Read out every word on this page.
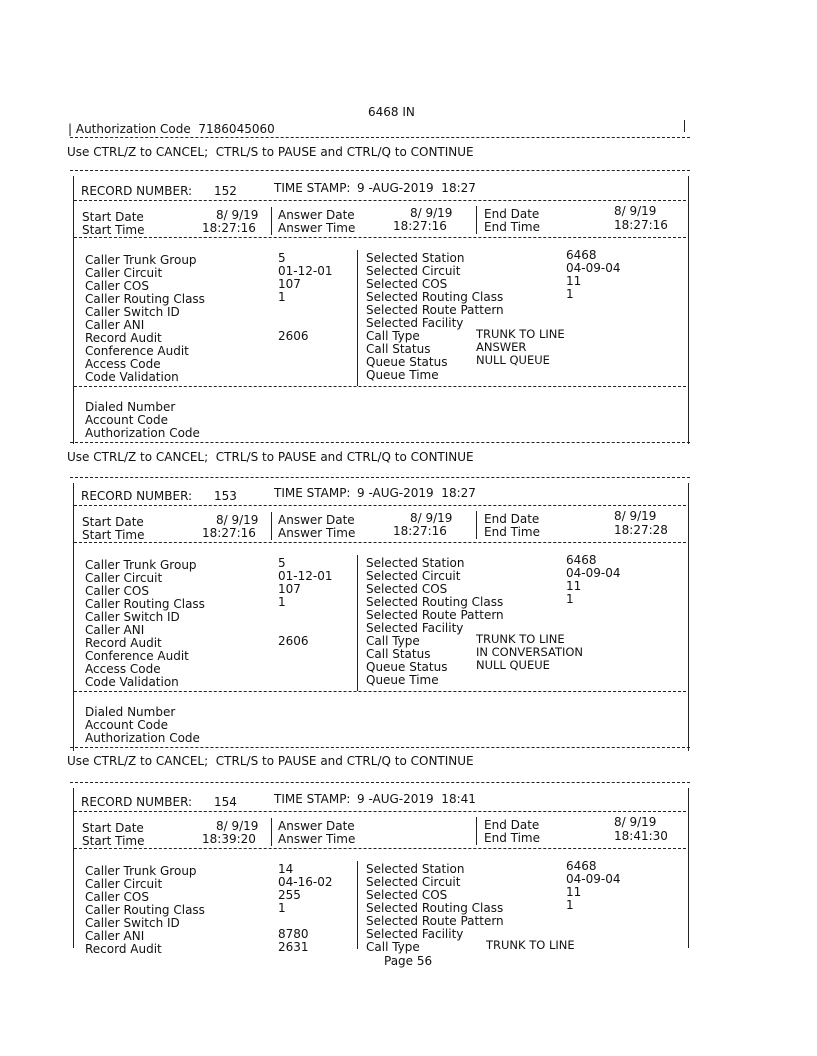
6468 IN
| Authorization Code  7186045060
Use CTRL/Z to CANCEL;  CTRL/S to PAUSE and CTRL/Q to CONTINUE
RECORD NUMBER: 152	TIME STAMP: 9 -AUG-2019  18:27
Start Date	8/ 9/19
Start Time	18:27:16
Answer Date	8/ 9/19
Answer Time	18:27:16
End Date	8/ 9/19
End Time	18:27:16
Caller Trunk Group	5
Caller Circuit	01-12-01
Caller COS	107
Caller Routing Class	1
Caller Switch ID
Caller ANI
Record Audit	2606
Conference Audit
Access Code
Code Validation
Selected Station	6468
Selected Circuit	04-09-04
Selected COS	11
Selected Routing Class	1
Selected Route Pattern
Selected Facility
Call Type	TRUNK TO LINE
Call Status	ANSWER
Queue Status NULL QUEUE
Queue Time
Dialed Number
Account Code
Authorization Code
Use CTRL/Z to CANCEL;  CTRL/S to PAUSE and CTRL/Q to CONTINUE
RECORD NUMBER: 153	TIME STAMP: 9 -AUG-2019  18:27
Start Date	8/ 9/19
Start Time	18:27:16
Answer Date	8/ 9/19
Answer Time	18:27:16
End Date	8/ 9/19
End Time	18:27:28
Caller Trunk Group	5
Caller Circuit	01-12-01
Caller COS	107
Caller Routing Class	1
Caller Switch ID
Caller ANI
Record Audit	2606
Conference Audit
Access Code
Code Validation
Selected Station	6468
Selected Circuit	04-09-04
Selected COS	11
Selected Routing Class	1
Selected Route Pattern
Selected Facility
Call Type	TRUNK TO LINE
Call Status	IN CONVERSATION
Queue Status NULL QUEUE
Queue Time
Dialed Number
Account Code
Authorization Code
Use CTRL/Z to CANCEL;  CTRL/S to PAUSE and CTRL/Q to CONTINUE
RECORD NUMBER: 154	TIME STAMP: 9 -AUG-2019  18:41
Start Date	8/ 9/19
Start Time	18:39:20
Answer Date
Answer Time
End Date	8/ 9/19
End Time	18:41:30
Caller Trunk Group	14
Caller Circuit	04-16-02
Caller COS	255
Caller Routing Class	1
Caller Switch ID
Caller ANI	8780
Record Audit	2631
Selected Station	6468
Selected Circuit	04-09-04
Selected COS	11
Selected Routing Class	1
Selected Route Pattern
Selected Facility
Call Type	TRUNK TO LINE
Page 56
